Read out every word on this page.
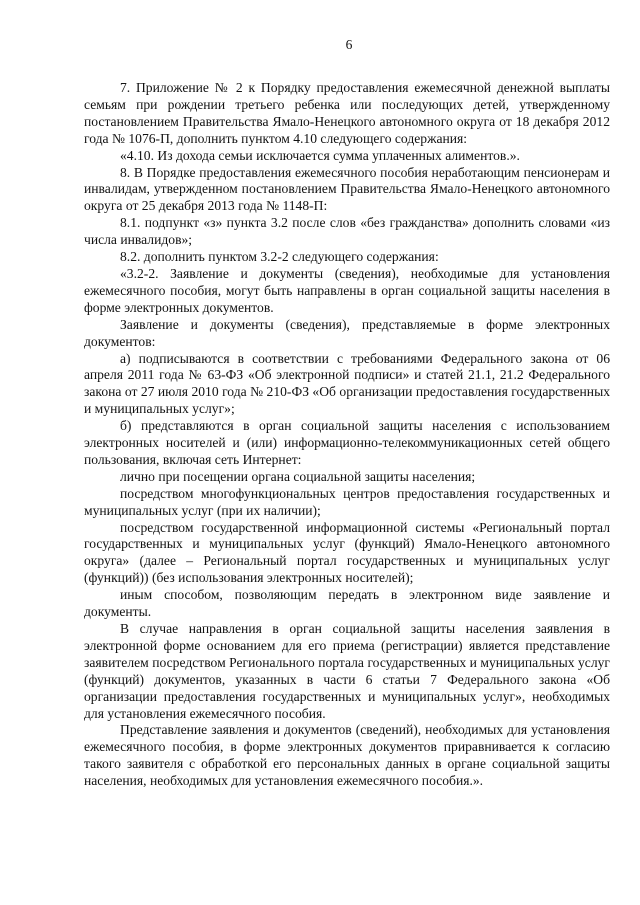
6

7. Приложение № 2 к Порядку предоставления ежемесячной денежной выплаты семьям при рождении третьего ребенка или последующих детей, утвержденному постановлением Правительства Ямало-Ненецкого автономного округа от 18 декабря 2012 года № 1076-П, дополнить пунктом 4.10 следующего содержания:

«4.10. Из дохода семьи исключается сумма уплаченных алиментов.».

8. В Порядке предоставления ежемесячного пособия неработающим пенсионерам и инвалидам, утвержденном постановлением Правительства Ямало-Ненецкого автономного округа от 25 декабря 2013 года № 1148-П:

8.1. подпункт «з» пункта 3.2 после слов «без гражданства» дополнить словами «из числа инвалидов»;

8.2. дополнить пунктом 3.2-2 следующего содержания:

«3.2-2. Заявление и документы (сведения), необходимые для установления ежемесячного пособия, могут быть направлены в орган социальной защиты населения в форме электронных документов.

Заявление и документы (сведения), представляемые в форме электронных документов:

а) подписываются в соответствии с требованиями Федерального закона от 06 апреля 2011 года № 63-ФЗ «Об электронной подписи» и статей 21.1, 21.2 Федерального закона от 27 июля 2010 года № 210-ФЗ «Об организации предоставления государственных и муниципальных услуг»;

б) представляются в орган социальной защиты населения с использованием электронных носителей и (или) информационно-телекоммуникационных сетей общего пользования, включая сеть Интернет:

лично при посещении органа социальной защиты населения;

посредством многофункциональных центров предоставления государственных и муниципальных услуг (при их наличии);

посредством государственной информационной системы «Региональный портал государственных и муниципальных услуг (функций) Ямало-Ненецкого автономного округа» (далее – Региональный портал государственных и муниципальных услуг (функций)) (без использования электронных носителей);

иным способом, позволяющим передать в электронном виде заявление и документы.

В случае направления в орган социальной защиты населения заявления в электронной форме основанием для его приема (регистрации) является представление заявителем посредством Регионального портала государственных и муниципальных услуг (функций) документов, указанных в части 6 статьи 7 Федерального закона «Об организации предоставления государственных и муниципальных услуг», необходимых для установления ежемесячного пособия.

Представление заявления и документов (сведений), необходимых для установления ежемесячного пособия, в форме электронных документов приравнивается к согласию такого заявителя с обработкой его персональных данных в органе социальной защиты населения, необходимых для установления ежемесячного пособия.».
